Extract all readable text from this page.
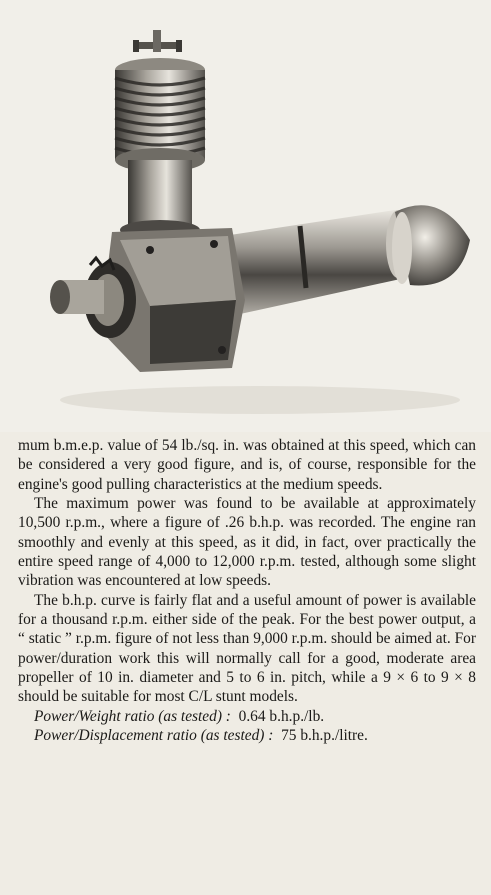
mum b.m.e.p. value of 54 lb./sq. in. was obtained at this speed, which can be considered a very good figure, and is, of course, responsible for the engine's good pulling characteristics at the medium speeds.

The maximum power was found to be available at approximately 10,500 r.p.m., where a figure of .26 b.h.p. was recorded. The engine ran smoothly and evenly at this speed, as it did, in fact, over practically the entire speed range of 4,000 to 12,000 r.p.m. tested, although some slight vibration was encountered at low speeds.

The b.h.p. curve is fairly flat and a useful amount of power is available for a thousand r.p.m. either side of the peak. For the best power output, a “ static ” r.p.m. figure of not less than 9,000 r.p.m. should be aimed at. For power/duration work this will normally call for a good, moderate area propeller of 10 in. diameter and 5 to 6 in. pitch, while a 9 × 6 to 9 × 8 should be suitable for most C/L stunt models.

Power/Weight ratio (as tested) : 0.64 b.h.p./lb.
Power/Displacement ratio (as tested) : 75 b.h.p./litre.
